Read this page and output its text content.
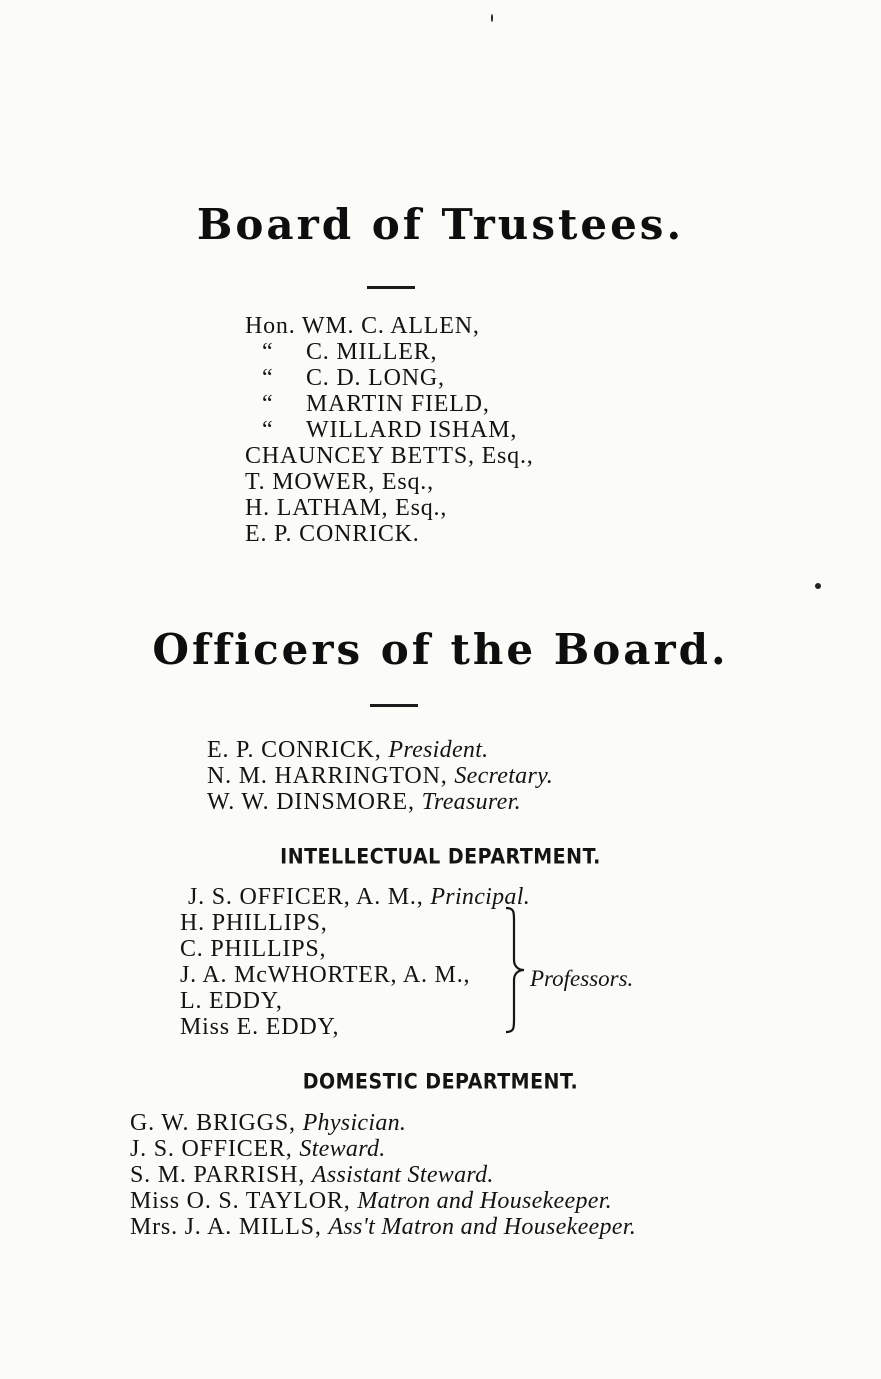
Board of Trustees.
Hon. WM. C. ALLEN,
“ C. MILLER,
“ C. D. LONG,
“ MARTIN FIELD,
“ WILLARD ISHAM,
CHAUNCEY BETTS, Esq.,
T. MOWER, Esq.,
H. LATHAM, Esq.,
E. P. CONRICK.
Officers of the Board.
E. P. CONRICK, President.
N. M. HARRINGTON, Secretary.
W. W. DINSMORE, Treasurer.
INTELLECTUAL DEPARTMENT.
J. S. OFFICER, A. M., Principal.
H. PHILLIPS,
C. PHILLIPS,
J. A. McWHORTER, A. M.,
L. EDDY,
Miss E. EDDY,
Professors.
DOMESTIC DEPARTMENT.
G. W. BRIGGS, Physician.
J. S. OFFICER, Steward.
S. M. PARRISH, Assistant Steward.
Miss O. S. TAYLOR, Matron and Housekeeper.
Mrs. J. A. MILLS, Ass't Matron and Housekeeper.
